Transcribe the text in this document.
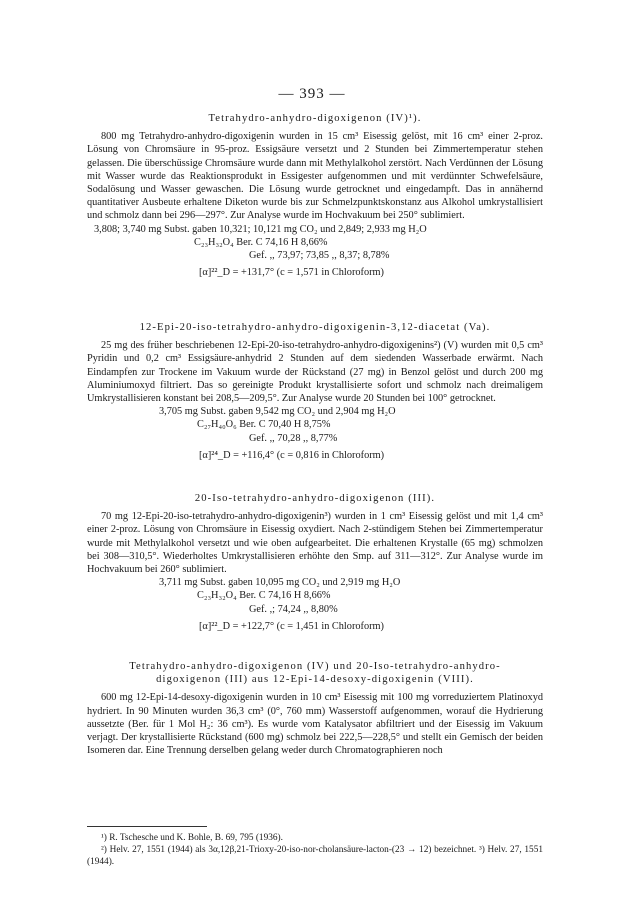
— 393 —
Tetrahydro-anhydro-digoxigenon (IV)¹).

800 mg Tetrahydro-anhydro-digoxigenin wurden in 15 cm³ Eisessig gelöst, mit 16 cm³ einer 2-proz. Lösung von Chromsäure in 95-proz. Essigsäure versetzt und 2 Stunden bei Zimmertemperatur stehen gelassen. Die überschüssige Chromsäure wurde dann mit Methylalkohol zerstört. Nach Verdünnen der Lösung mit Wasser wurde das Reaktionsprodukt in Essigester aufgenommen und mit verdünnter Schwefelsäure, Sodalösung und Wasser gewaschen. Die Lösung wurde getrocknet und eingedampft. Das in annähernd quantitativer Ausbeute erhaltene Diketon wurde bis zur Schmelzpunktskonstanz aus Alkohol umkrystallisiert und schmolz dann bei 296—297°. Zur Analyse wurde im Hochvakuum bei 250° sublimiert.

3,808; 3,740 mg Subst. gaben 10,321; 10,121 mg CO₂ und 2,849; 2,933 mg H₂O
C₂₃H₃₂O₄ Ber. C 74,16 H 8,66%
Gef. ,, 73,97; 73,85 ,, 8,37; 8,78%
[α]²²_D = +131,7° (c = 1,571 in Chloroform)
12-Epi-20-iso-tetrahydro-anhydro-digoxigenin-3,12-diacetat (Va).

25 mg des früher beschriebenen 12-Epi-20-iso-tetrahydro-anhydro-digoxigenins²) (V) wurden mit 0,5 cm³ Pyridin und 0,2 cm³ Essigsäure-anhydrid 2 Stunden auf dem siedenden Wasserbade erwärmt. Nach Eindampfen zur Trockene im Vakuum wurde der Rückstand (27 mg) in Benzol gelöst und durch 200 mg Aluminiumoxyd filtriert. Das so gereinigte Produkt krystallisierte sofort und schmolz nach dreimaligem Umkrystallisieren konstant bei 208,5—209,5°. Zur Analyse wurde 20 Stunden bei 100° getrocknet.

3,705 mg Subst. gaben 9,542 mg CO₂ und 2,904 mg H₂O
C₂₇H₄₀O₆ Ber. C 70,40 H 8,75%
Gef. ,, 70,28 ,, 8,77%
[α]²⁴_D = +116,4° (c = 0,816 in Chloroform)
20-Iso-tetrahydro-anhydro-digoxigenon (III).

70 mg 12-Epi-20-iso-tetrahydro-anhydro-digoxigenin³) wurden in 1 cm³ Eisessig gelöst und mit 1,4 cm³ einer 2-proz. Lösung von Chromsäure in Eisessig oxydiert. Nach 2-stündigem Stehen bei Zimmertemperatur wurde mit Methylalkohol versetzt und wie oben aufgearbeitet. Die erhaltenen Krystalle (65 mg) schmolzen bei 308—310,5°. Wiederholtes Umkrystallisieren erhöhte den Smp. auf 311—312°. Zur Analyse wurde im Hochvakuum bei 260° sublimiert.

3,711 mg Subst. gaben 10,095 mg CO₂ und 2,919 mg H₂O
C₂₃H₃₂O₄ Ber. C 74,16 H 8,66%
Gef. ,; 74,24 ,, 8,80%
[α]²²_D = +122,7° (c = 1,451 in Chloroform)
Tetrahydro-anhydro-digoxigenon (IV) und 20-Iso-tetrahydro-anhydro-
digoxigenon (III) aus 12-Epi-14-desoxy-digoxigenin (VIII).

600 mg 12-Epi-14-desoxy-digoxigenin wurden in 10 cm³ Eisessig mit 100 mg vorreduziertem Platinoxyd hydriert. In 90 Minuten wurden 36,3 cm³ (0°, 760 mm) Wasserstoff aufgenommen, worauf die Hydrierung aussetzte (Ber. für 1 Mol H₂: 36 cm³). Es wurde vom Katalysator abfiltriert und der Eisessig im Vakuum verjagt. Der krystallisierte Rückstand (600 mg) schmolz bei 222,5—228,5° und stellt ein Gemisch der beiden Isomeren dar. Eine Trennung derselben gelang weder durch Chromatographieren noch

¹) R. Tschesche und K. Bohle, B. 69, 795 (1936).

²) Helv. 27, 1551 (1944) als 3α,12β,21-Trioxy-20-iso-nor-cholansäure-lacton-(23 → 12) bezeichnet. ³) Helv. 27, 1551 (1944).
